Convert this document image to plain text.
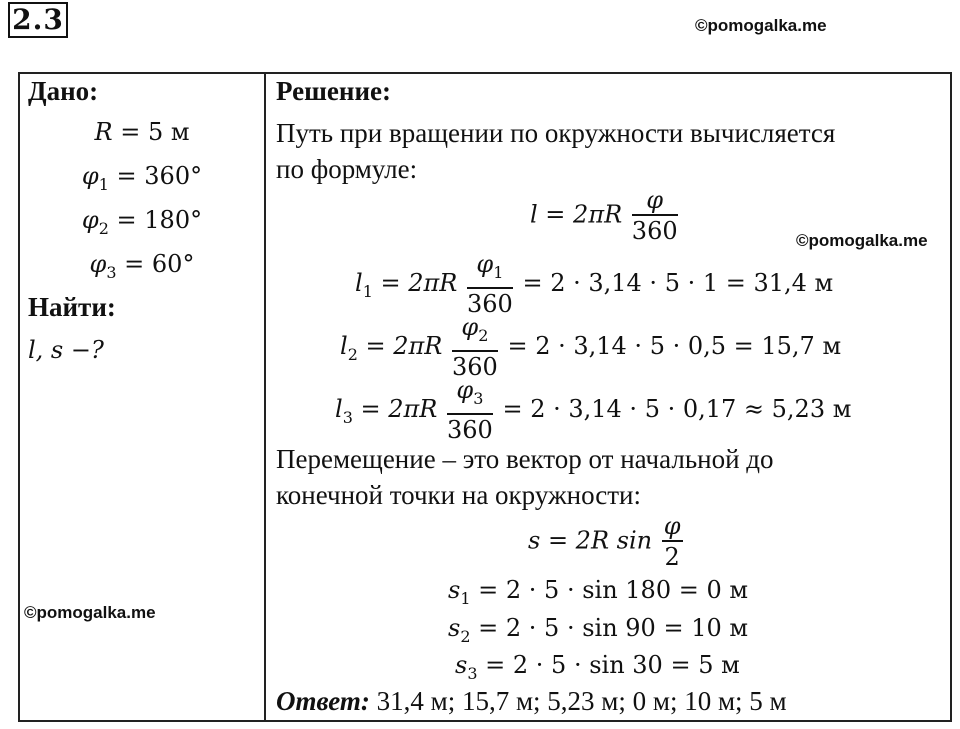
2.3	©pomogalka.me
Дано:
R = 5 м
$\varphi_1 = 360^\circ$
$\varphi_2 = 180^\circ$
$\varphi_3 = 60^\circ$
Найти:
l, s −?
©pomogalka.me
Решение:
Путь при вращении по окружности вычисляется
по формуле:
$l = 2\pi R \frac{\varphi}{360}$	©pomogalka.me
$l_1 = 2\pi R \frac{\varphi_1}{360} = 2 \cdot 3,14 \cdot 5 \cdot 1 = 31,4$ м
$l_2 = 2\pi R \frac{\varphi_2}{360} = 2 \cdot 3,14 \cdot 5 \cdot 0,5 = 15,7$ м
$l_3 = 2\pi R \frac{\varphi_3}{360} = 2 \cdot 3,14 \cdot 5 \cdot 0,17 \approx 5,23$ м
Перемещение – это вектор от начальной до
конечной точки на окружности:
s = 2R $\sin \frac{\varphi}{2}$
$s_1 = 2 \cdot 5 \cdot \sin 180 = 0$ м
$s_2 = 2 \cdot 5 \cdot \sin 90 = 10$ м
$s_3 = 2 \cdot 5 \cdot \sin 30 = 5$ м
Ответ: 31,4 м; 15,7 м; 5,23 м; 0 м; 10 м; 5 м
